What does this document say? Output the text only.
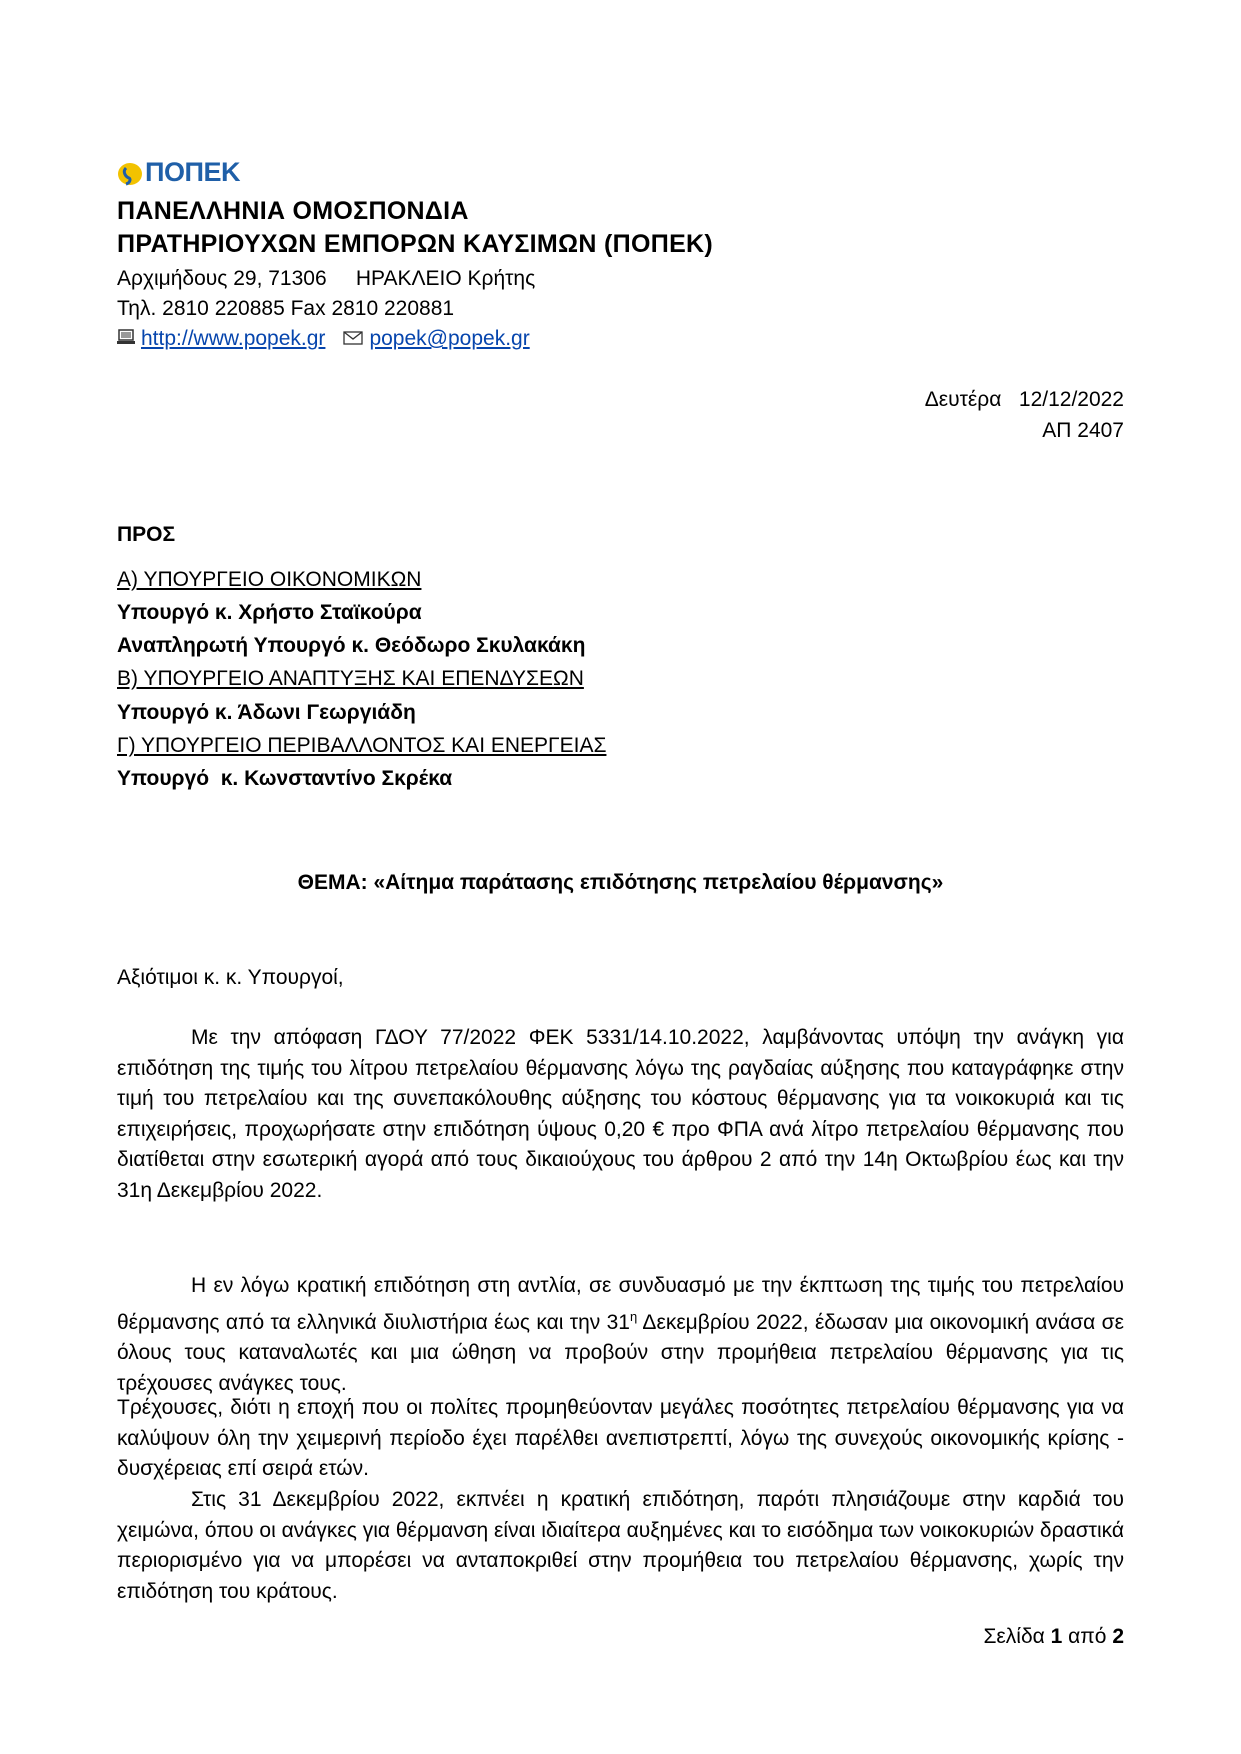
ΠΟΠΕΚ
ΠΑΝΕΛΛΗΝΙΑ ΟΜΟΣΠΟΝΔΙΑ
ΠΡΑΤΗΡΙΟΥΧΩΝ ΕΜΠΟΡΩΝ ΚΑΥΣΙΜΩΝ (ΠΟΠΕΚ)
Αρχιμήδους 29, 71306     ΗΡΑΚΛΕΙΟ Κρήτης
Τηλ. 2810 220885 Fax 2810 220881
http://www.popek.gr popek@popek.gr
Δευτέρα   12/12/2022
ΑΠ 2407
ΠΡΟΣ
Α) ΥΠΟΥΡΓΕΙΟ ΟΙΚΟΝΟΜΙΚΩΝ
Υπουργό κ. Χρήστο Σταϊκούρα
Αναπληρωτή Υπουργό κ. Θεόδωρο Σκυλακάκη
Β) ΥΠΟΥΡΓΕΙΟ ΑΝΑΠΤΥΞΗΣ ΚΑΙ ΕΠΕΝΔΥΣΕΩΝ
Υπουργό κ. Άδωνι Γεωργιάδη
Γ) ΥΠΟΥΡΓΕΙΟ ΠΕΡΙΒΑΛΛΟΝΤΟΣ ΚΑΙ ΕΝΕΡΓΕΙΑΣ
Υπουργό  κ. Κωνσταντίνο Σκρέκα
ΘΕΜΑ: «Αίτημα παράτασης επιδότησης πετρελαίου θέρμανσης»
Αξιότιμοι κ. κ. Υπουργοί,
Με την απόφαση ΓΔΟΥ 77/2022 ΦΕΚ 5331/14.10.2022, λαμβάνοντας υπόψη την ανάγκη για επιδότηση της τιμής του λίτρου πετρελαίου θέρμανσης λόγω της ραγδαίας αύξησης που καταγράφηκε στην τιμή του πετρελαίου και της συνεπακόλουθης αύξησης του κόστους θέρμανσης για τα νοικοκυριά και τις επιχειρήσεις, προχωρήσατε στην επιδότηση ύψους 0,20 € προ ΦΠΑ ανά λίτρο πετρελαίου θέρμανσης που διατίθεται στην εσωτερική αγορά από τους δικαιούχους του άρθρου 2 από την 14η Οκτωβρίου έως και την 31η Δεκεμβρίου 2022.
Η εν λόγω κρατική επιδότηση στη αντλία, σε συνδυασμό με την έκπτωση της τιμής του πετρελαίου θέρμανσης από τα ελληνικά διυλιστήρια έως και την $31^\eta$ Δεκεμβρίου 2022, έδωσαν μια οικονομική ανάσα σε όλους τους καταναλωτές και μια ώθηση να προβούν στην προμήθεια πετρελαίου θέρμανσης για τις τρέχουσες ανάγκες τους.
Τρέχουσες, διότι η εποχή που οι πολίτες προμηθεύονταν μεγάλες ποσότητες πετρελαίου θέρμανσης για να καλύψουν όλη την χειμερινή περίοδο έχει παρέλθει ανεπιστρεπτί, λόγω της συνεχούς οικονομικής κρίσης - δυσχέρειας επί σειρά ετών.
Στις 31 Δεκεμβρίου 2022, εκπνέει η κρατική επιδότηση, παρότι πλησιάζουμε στην καρδιά του χειμώνα, όπου οι ανάγκες για θέρμανση είναι ιδιαίτερα αυξημένες και το εισόδημα των νοικοκυριών δραστικά περιορισμένο για να μπορέσει να ανταποκριθεί στην προμήθεια του πετρελαίου θέρμανσης, χωρίς την επιδότηση του κράτους.
Σελίδα 1 από 2
